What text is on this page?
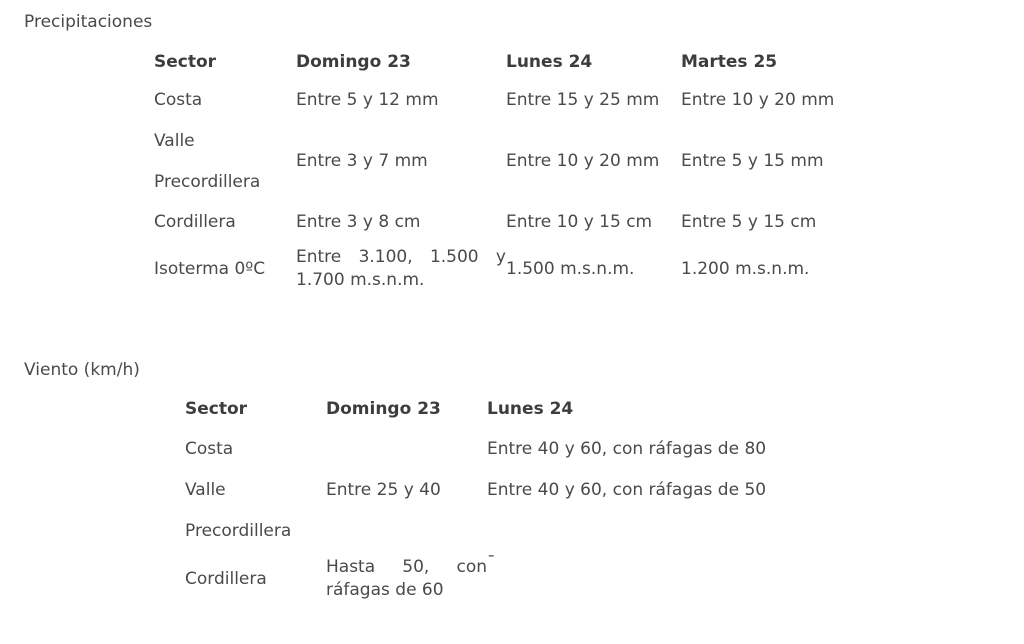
Precipitaciones
Sector	Domingo 23	Lunes 24	Martes 25
Costa	Entre 5 y 12 mm	Entre 15 y 25 mm	Entre 10 y 20 mm
Valle	Entre 3 y 7 mm	Entre 10 y 20 mm	Entre 5 y 15 mm
Precordillera			
Cordillera	Entre 3 y 8 cm	Entre 10 y 15 cm	Entre 5 y 15 cm
Isoterma 0ºC	Entre 3.100, 1.500 y 1.700 m.s.n.m.	1.500 m.s.n.m.	1.200 m.s.n.m.
Viento (km/h)
Sector	Domingo 23	Lunes 24
Costa		Entre 40 y 60, con ráfagas de 80
Valle	Entre 25 y 40	Entre 40 y 60, con ráfagas de 50
Precordillera		
Cordillera	Hasta 50, con ráfagas de 60	¯
